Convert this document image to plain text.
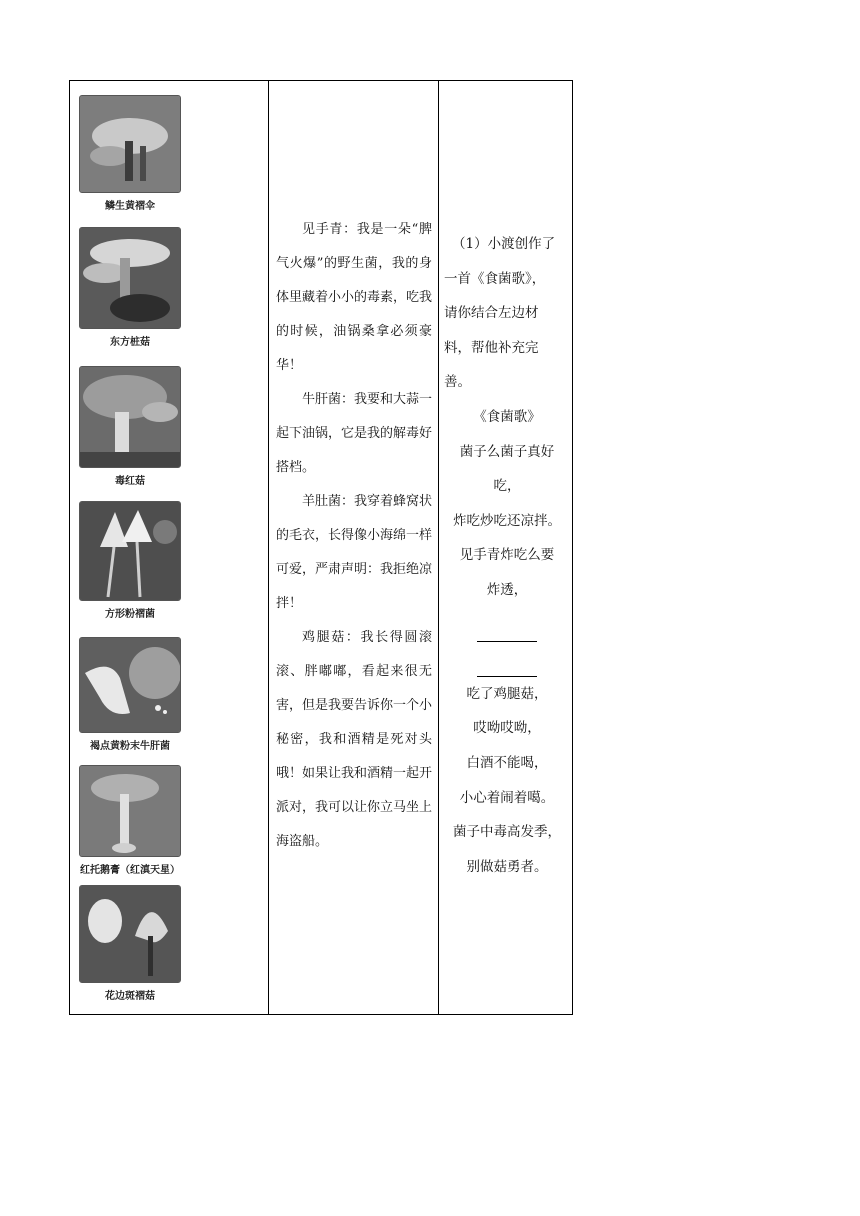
鳞生黄褶伞
东方桩菇
毒红菇
方形粉褶菌
褐点黄粉末牛肝菌
红托鹅膏（红滇天星）
花边斑褶菇

见手青：我是一朵“脾气火爆”的野生菌，我的身体里藏着小小的毒素，吃我的时候，油锅桑拿必须豪华！

牛肝菌：我要和大蒜一起下油锅，它是我的解毒好搭档。

羊肚菌：我穿着蜂窝状的毛衣，长得像小海绵一样可爱，严肃声明：我拒绝凉拌！

鸡腿菇：我长得圆滚滚、胖嘟嘟，看起来很无害，但是我要告诉你一个小秘密，我和酒精是死对头哦！如果让我和酒精一起开派对，我可以让你立马坐上海盗船。

（1）小渡创作了
一首《食菌歌》，
请你结合左边材
料，帮他补充完
善。
《食菌歌》
菌子么菌子真好
吃，
炸吃炒吃还凉拌。
见手青炸吃么要
炸透，
吃了鸡腿菇，
哎呦哎呦，
白酒不能喝，
小心着闹着噶。
菌子中毒高发季，
别做菇勇者。
